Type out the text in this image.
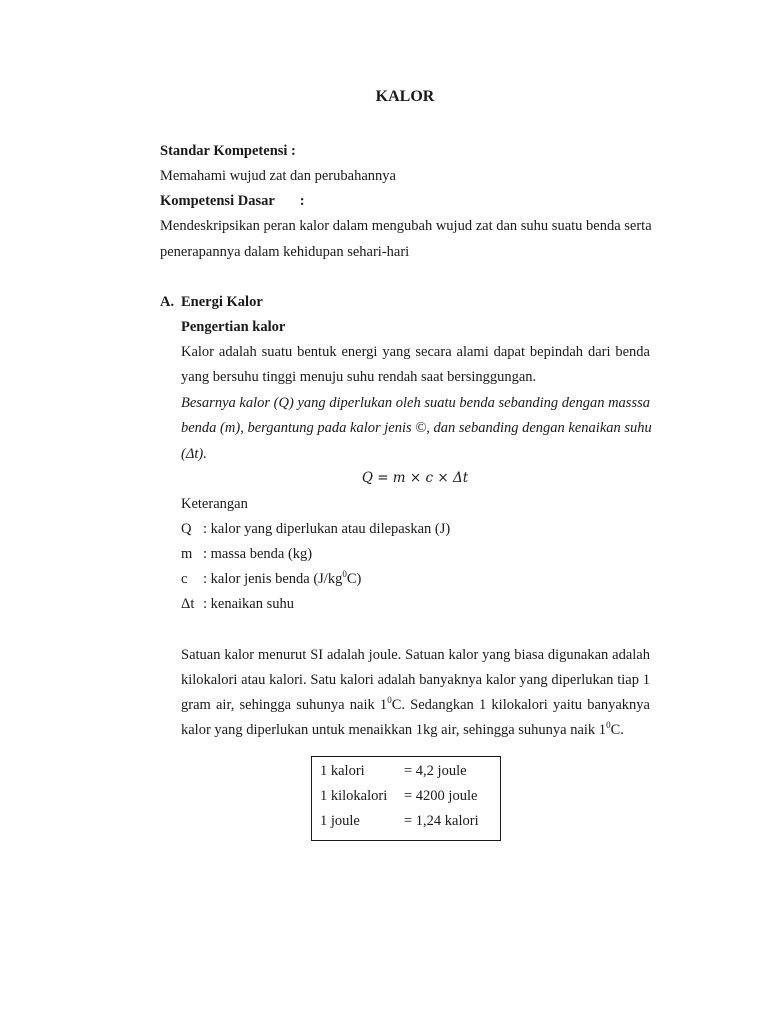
KALOR
Standar Kompetensi :
Memahami wujud zat dan perubahannya
Kompetensi Dasar :
Mendeskripsikan peran kalor dalam mengubah wujud zat dan suhu suatu benda serta
penerapannya dalam kehidupan sehari-hari
A. Energi Kalor
Pengertian kalor
Kalor adalah suatu bentuk energi yang secara alami dapat bepindah dari benda
yang bersuhu tinggi menuju suhu rendah saat bersinggungan.
Besarnya kalor (Q) yang diperlukan oleh suatu benda sebanding dengan masssa
benda (m), bergantung pada kalor jenis ©, dan sebanding dengan kenaikan suhu
(Δt).
Q = m × c × Δt
Keterangan
Q : kalor yang diperlukan atau dilepaskan (J)
m : massa benda (kg)
c : kalor jenis benda $(J/kg^0C)$
Δt : kenaikan suhu
Satuan kalor menurut SI adalah joule. Satuan kalor yang biasa digunakan adalah
kilokalori atau kalori. Satu kalori adalah banyaknya kalor yang diperlukan tiap 1
gram air, sehingga suhunya naik $1^0C$. Sedangkan 1 kilokalori yaitu banyaknya
kalor yang diperlukan untuk menaikkan 1kg air, sehingga suhunya naik $1^0C$.
1 kalori	= 4,2 joule
1 kilokalori	= 4200 joule
1 joule	= 1,24 kalori
